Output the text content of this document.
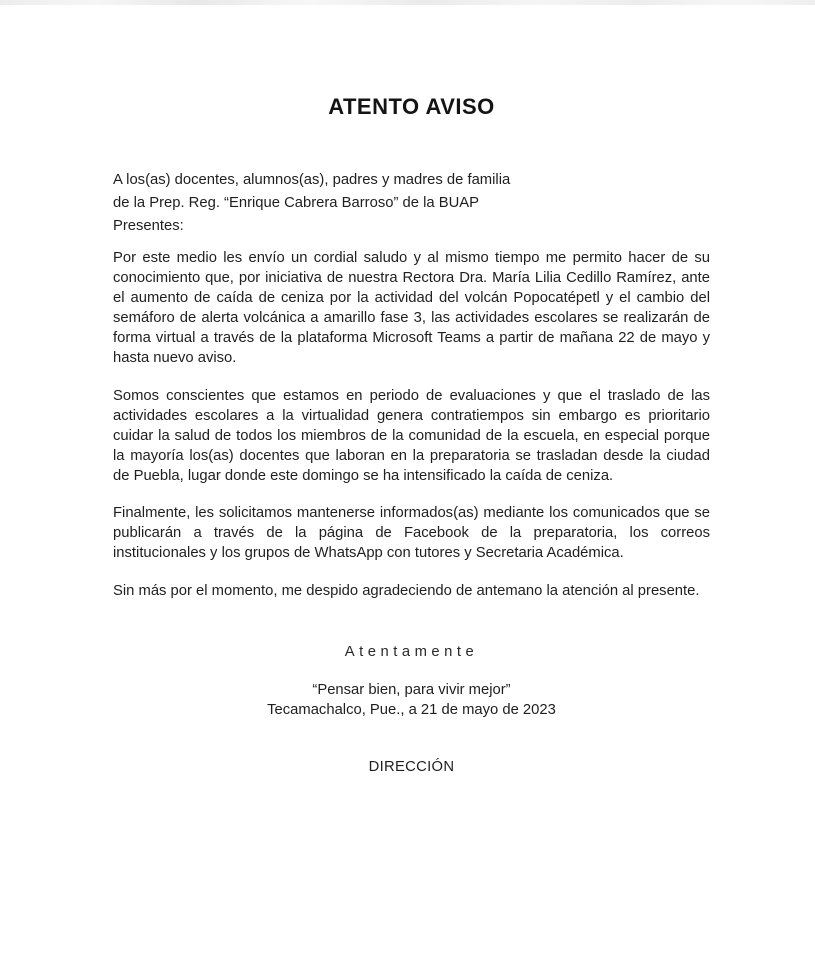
ATENTO AVISO
A los(as) docentes, alumnos(as), padres y madres de familia
de la Prep. Reg. “Enrique Cabrera Barroso” de la BUAP
Presentes:

Por este medio les envío un cordial saludo y al mismo tiempo me permito hacer de su conocimiento que, por iniciativa de nuestra Rectora Dra. María Lilia Cedillo Ramírez, ante el aumento de caída de ceniza por la actividad del volcán Popocatépetl y el cambio del semáforo de alerta volcánica a amarillo fase 3, las actividades escolares se realizarán de forma virtual a través de la plataforma Microsoft Teams a partir de mañana 22 de mayo y hasta nuevo aviso.

Somos conscientes que estamos en periodo de evaluaciones y que el traslado de las actividades escolares a la virtualidad genera contratiempos sin embargo es prioritario cuidar la salud de todos los miembros de la comunidad de la escuela, en especial porque la mayoría los(as) docentes que laboran en la preparatoria se trasladan desde la ciudad de Puebla, lugar donde este domingo se ha intensificado la caída de ceniza.

Finalmente, les solicitamos mantenerse informados(as) mediante los comunicados que se publicarán a través de la página de Facebook de la preparatoria, los correos institucionales y los grupos de WhatsApp con tutores y Secretaria Académica.

Sin más por el momento, me despido agradeciendo de antemano la atención al presente.

Atentamente
“Pensar bien, para vivir mejor”
Tecamachalco, Pue., a 21 de mayo de 2023
DIRECCIÓN
